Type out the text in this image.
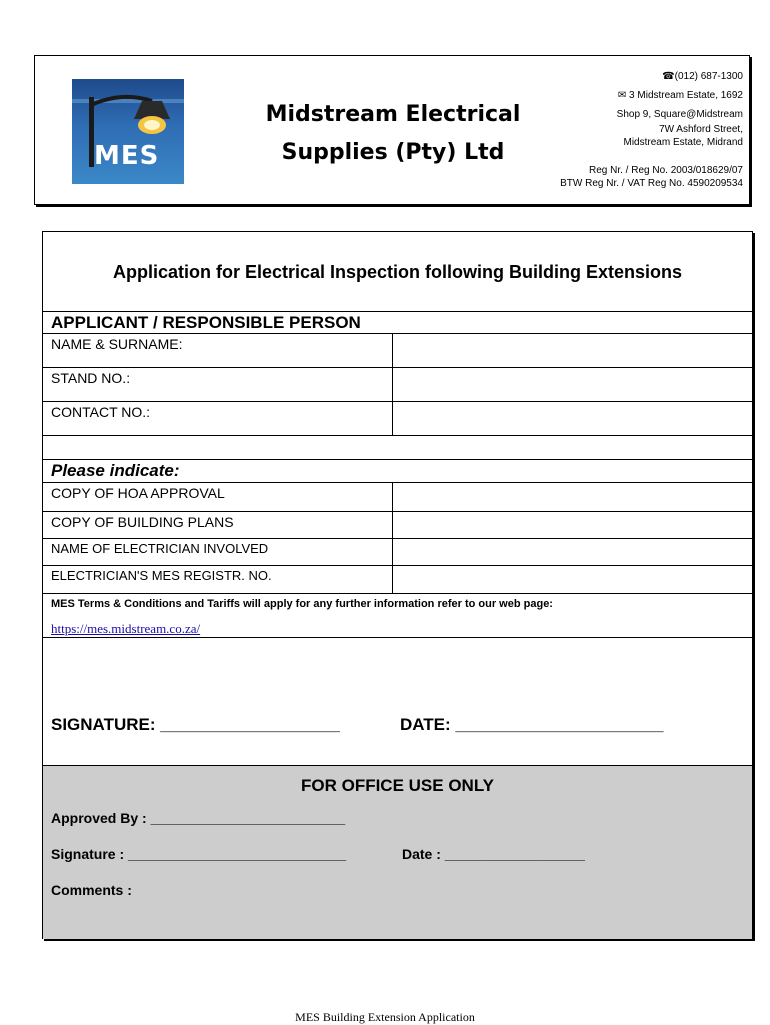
MES
Midstream Electrical
Supplies (Pty) Ltd
☎(012) 687-1300
✉ 3 Midstream Estate, 1692
Shop 9, Square@Midstream
7W Ashford Street,
Midstream Estate, Midrand
Reg Nr. / Reg No. 2003/018629/07
BTW Reg Nr. / VAT Reg No. 4590209534
Application for Electrical Inspection following Building Extensions
APPLICANT / RESPONSIBLE PERSON
NAME & SURNAME:
STAND NO.:
CONTACT NO.:
Please indicate:
COPY OF HOA APPROVAL
COPY OF BUILDING PLANS
NAME OF ELECTRICIAN INVOLVED
ELECTRICIAN'S MES REGISTR. NO.
MES Terms & Conditions and Tariffs will apply for any further information refer to our web page:
https://mes.midstream.co.za/
SIGNATURE: ___________________	DATE: ______________________
FOR OFFICE USE ONLY
Approved By : _________________________
Signature : ____________________________	Date : __________________
Comments :
MES Building Extension Application
